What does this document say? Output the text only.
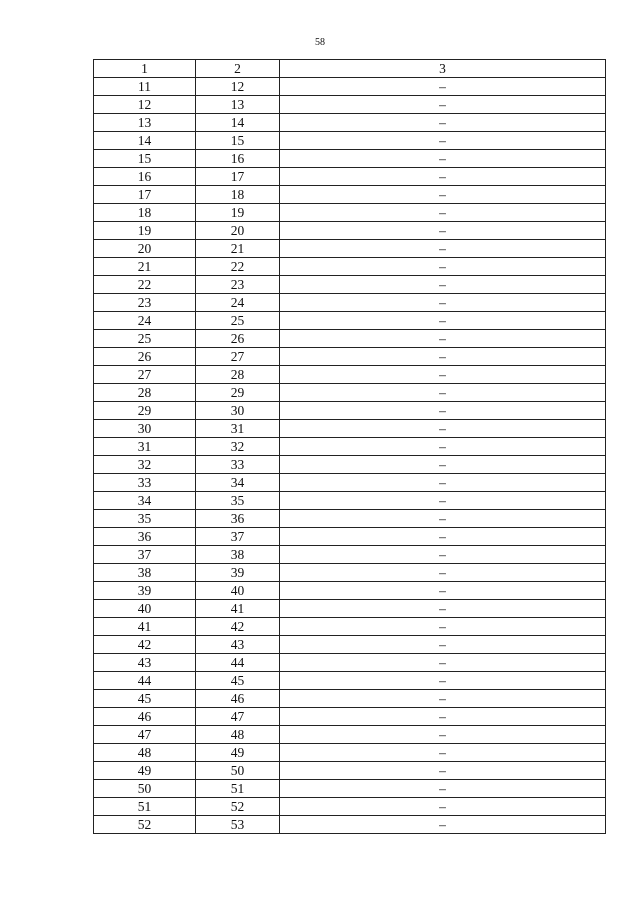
58
1	2	3
11	12	–
12	13	–
13	14	–
14	15	–
15	16	–
16	17	–
17	18	–
18	19	–
19	20	–
20	21	–
21	22	–
22	23	–
23	24	–
24	25	–
25	26	–
26	27	–
27	28	–
28	29	–
29	30	–
30	31	–
31	32	–
32	33	–
33	34	–
34	35	–
35	36	–
36	37	–
37	38	–
38	39	–
39	40	–
40	41	–
41	42	–
42	43	–
43	44	–
44	45	–
45	46	–
46	47	–
47	48	–
48	49	–
49	50	–
50	51	–
51	52	–
52	53	–
